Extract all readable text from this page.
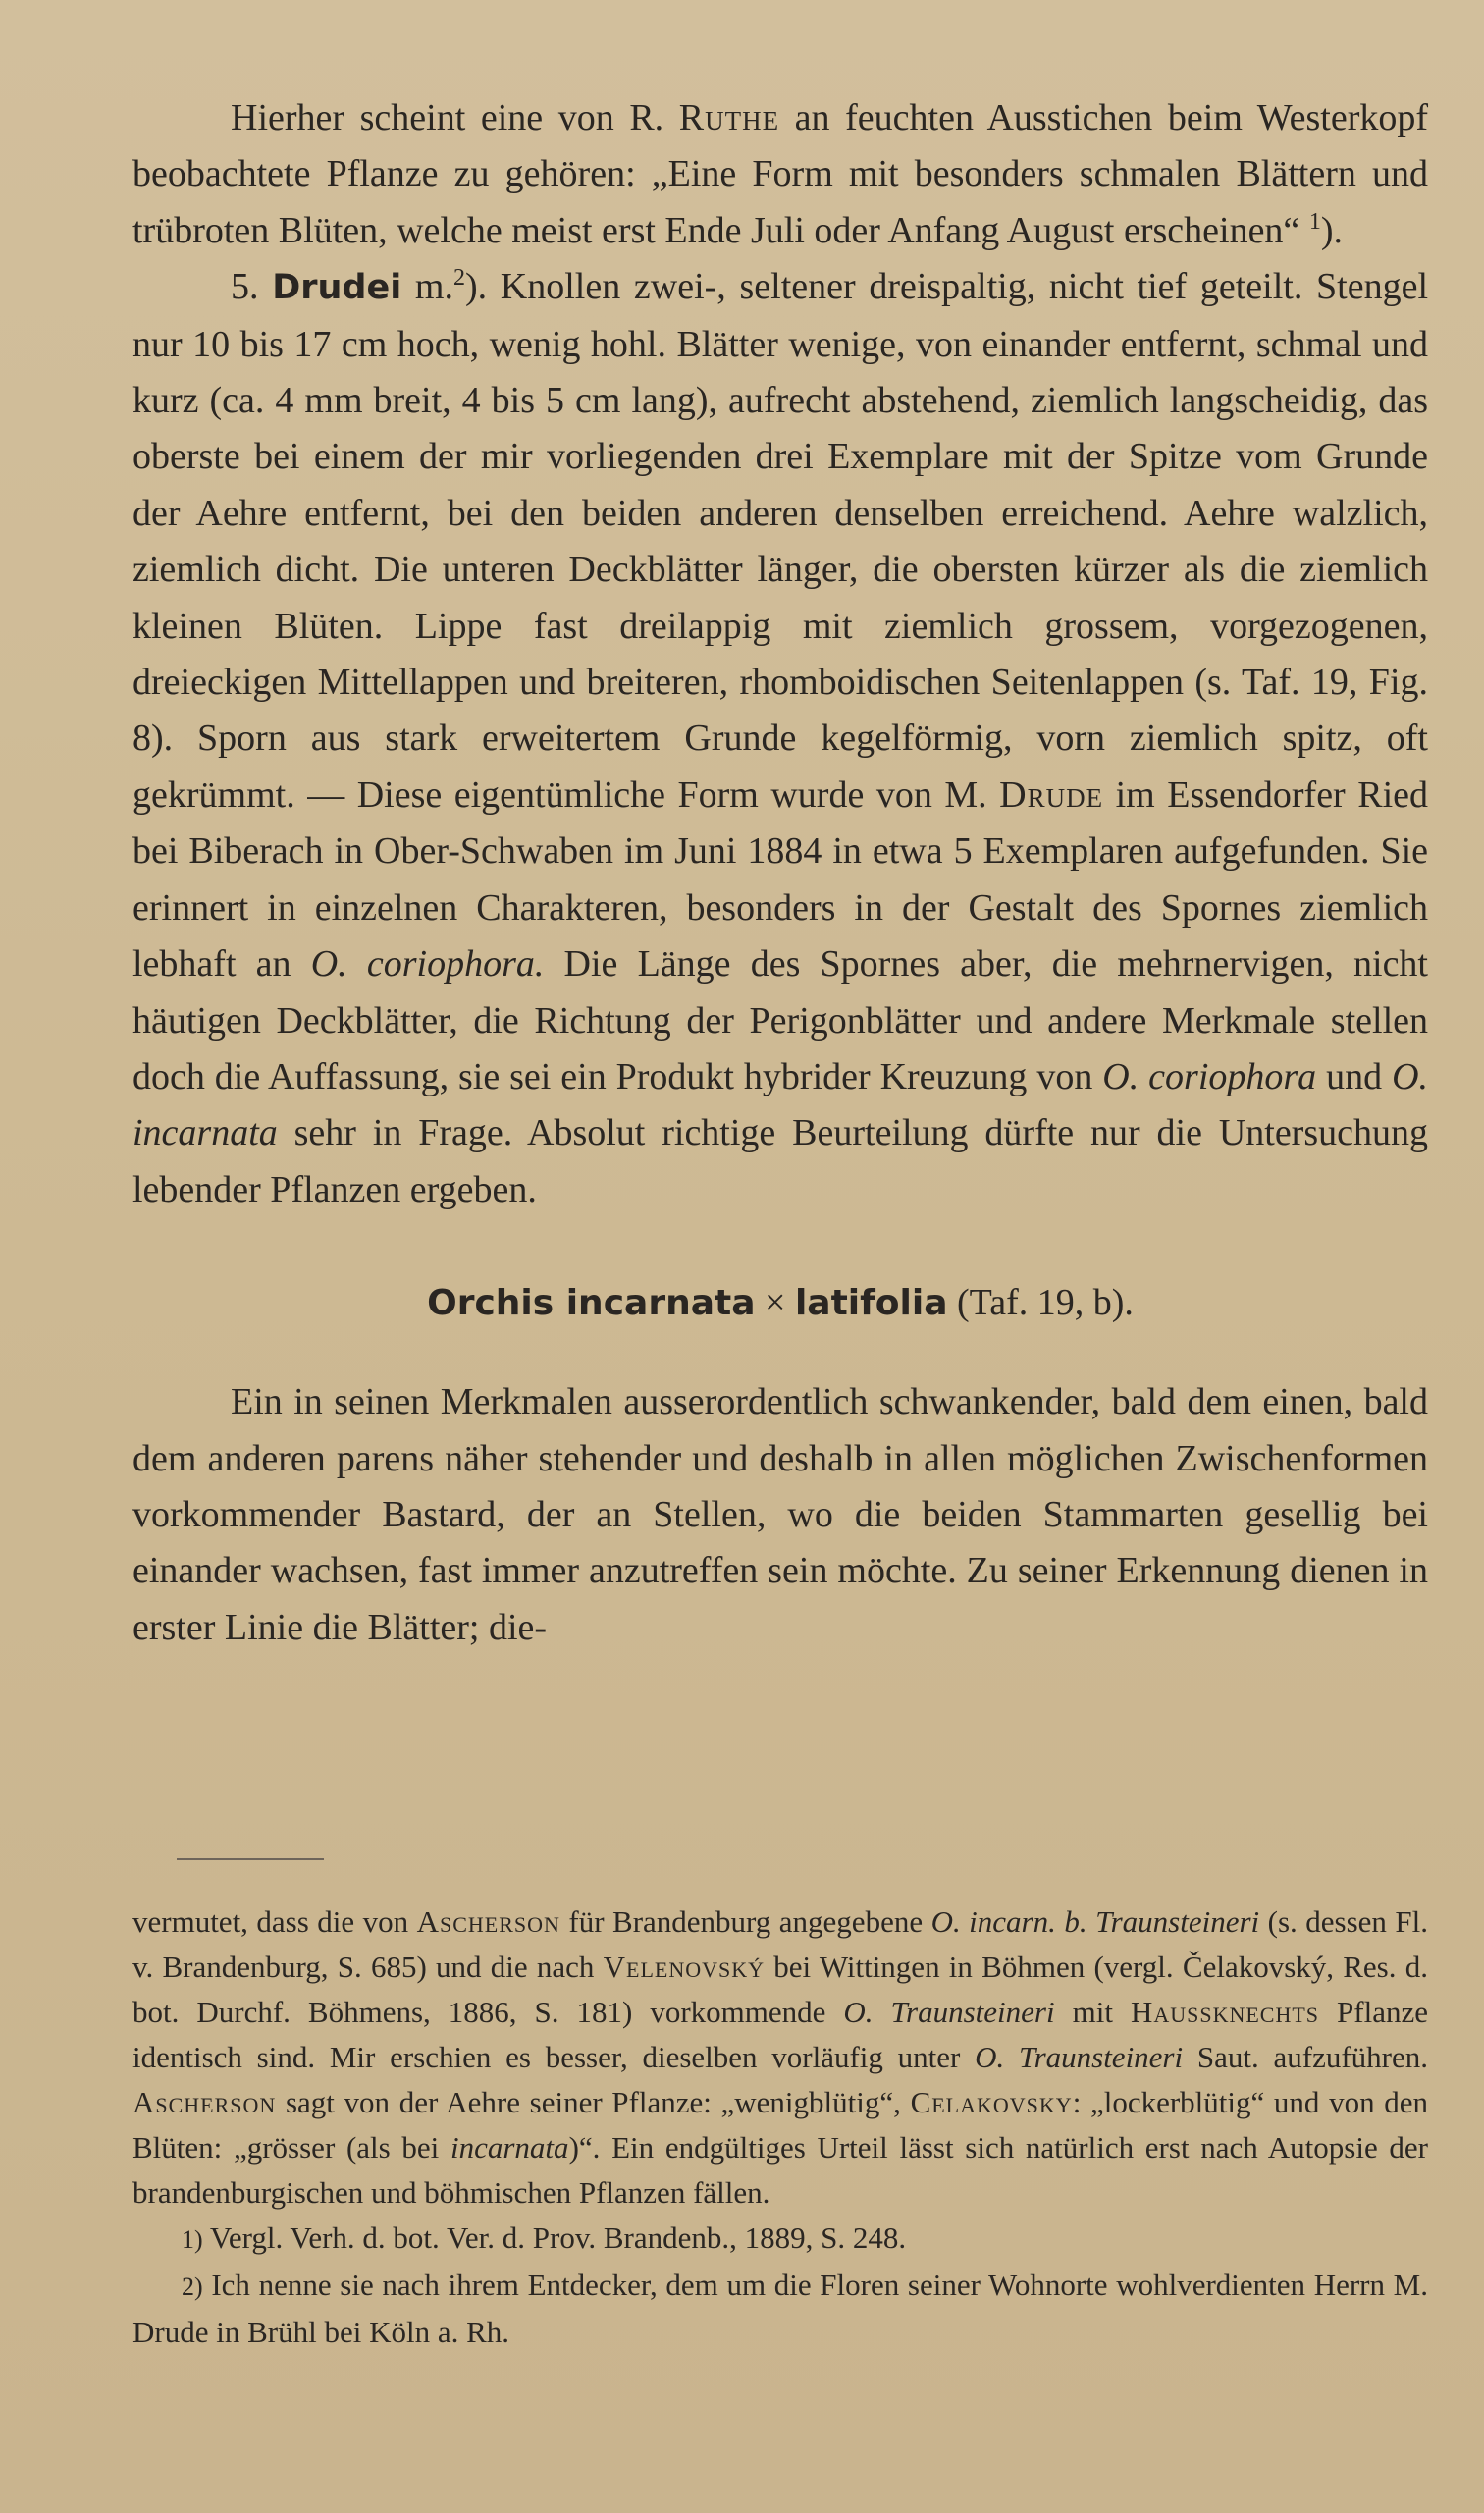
Hierher scheint eine von R. Ruthe an feuchten Ausstichen beim Westerkopf beobachtete Pflanze zu gehören: „Eine Form mit besonders schmalen Blättern und trübroten Blüten, welche meist erst Ende Juli oder Anfang August erscheinen“ $^1$).

5. Drudei m.$^2$). Knollen zwei-, seltener dreispaltig, nicht tief geteilt. Stengel nur 10 bis 17 cm hoch, wenig hohl. Blätter wenige, von einander entfernt, schmal und kurz (ca. 4 mm breit, 4 bis 5 cm lang), aufrecht abstehend, ziemlich langscheidig, das oberste bei einem der mir vorliegenden drei Exemplare mit der Spitze vom Grunde der Aehre entfernt, bei den beiden anderen denselben erreichend. Aehre walzlich, ziemlich dicht. Die unteren Deckblätter länger, die obersten kürzer als die ziemlich kleinen Blüten. Lippe fast dreilappig mit ziemlich grossem, vorgezogenen, dreieckigen Mittellappen und breiteren, rhomboidischen Seitenlappen (s. Taf. 19, Fig. 8). Sporn aus stark erweitertem Grunde kegelförmig, vorn ziemlich spitz, oft gekrümmt. — Diese eigentümliche Form wurde von M. Drude im Essendorfer Ried bei Biberach in Ober-Schwaben im Juni 1884 in etwa 5 Exemplaren aufgefunden. Sie erinnert in einzelnen Charakteren, besonders in der Gestalt des Spornes ziemlich lebhaft an O. coriophora. Die Länge des Spornes aber, die mehrnervigen, nicht häutigen Deckblätter, die Richtung der Perigonblätter und andere Merkmale stellen doch die Auffassung, sie sei ein Produkt hybrider Kreuzung von O. coriophora und O. incarnata sehr in Frage. Absolut richtige Beurteilung dürfte nur die Untersuchung lebender Pflanzen ergeben.

Orchis incarnata × latifolia (Taf. 19, b).

Ein in seinen Merkmalen ausserordentlich schwankender, bald dem einen, bald dem anderen parens näher stehender und deshalb in allen möglichen Zwischenformen vorkommender Bastard, der an Stellen, wo die beiden Stammarten gesellig bei einander wachsen, fast immer anzutreffen sein möchte. Zu seiner Erkennung dienen in erster Linie die Blätter; die-

vermutet, dass die von Ascherson für Brandenburg angegebene O. incarn. b. Traunsteineri (s. dessen Fl. v. Brandenburg, S. 685) und die nach Velenovský bei Wittingen in Böhmen (vergl. Čelakovský, Res. d. bot. Durchf. Böhmens, 1886, S. 181) vorkommende O. Traunsteineri mit Haussknechts Pflanze identisch sind. Mir erschien es besser, dieselben vorläufig unter O. Traunsteineri Saut. aufzuführen. Ascherson sagt von der Aehre seiner Pflanze: „wenigblütig“, Celakovsky: „lockerblütig“ und von den Blüten: „grösser (als bei incarnata)“. Ein endgültiges Urteil lässt sich natürlich erst nach Autopsie der brandenburgischen und böhmischen Pflanzen fällen.

1) Vergl. Verh. d. bot. Ver. d. Prov. Brandenb., 1889, S. 248.

2) Ich nenne sie nach ihrem Entdecker, dem um die Floren seiner Wohnorte wohlverdienten Herrn M. Drude in Brühl bei Köln a. Rh.
